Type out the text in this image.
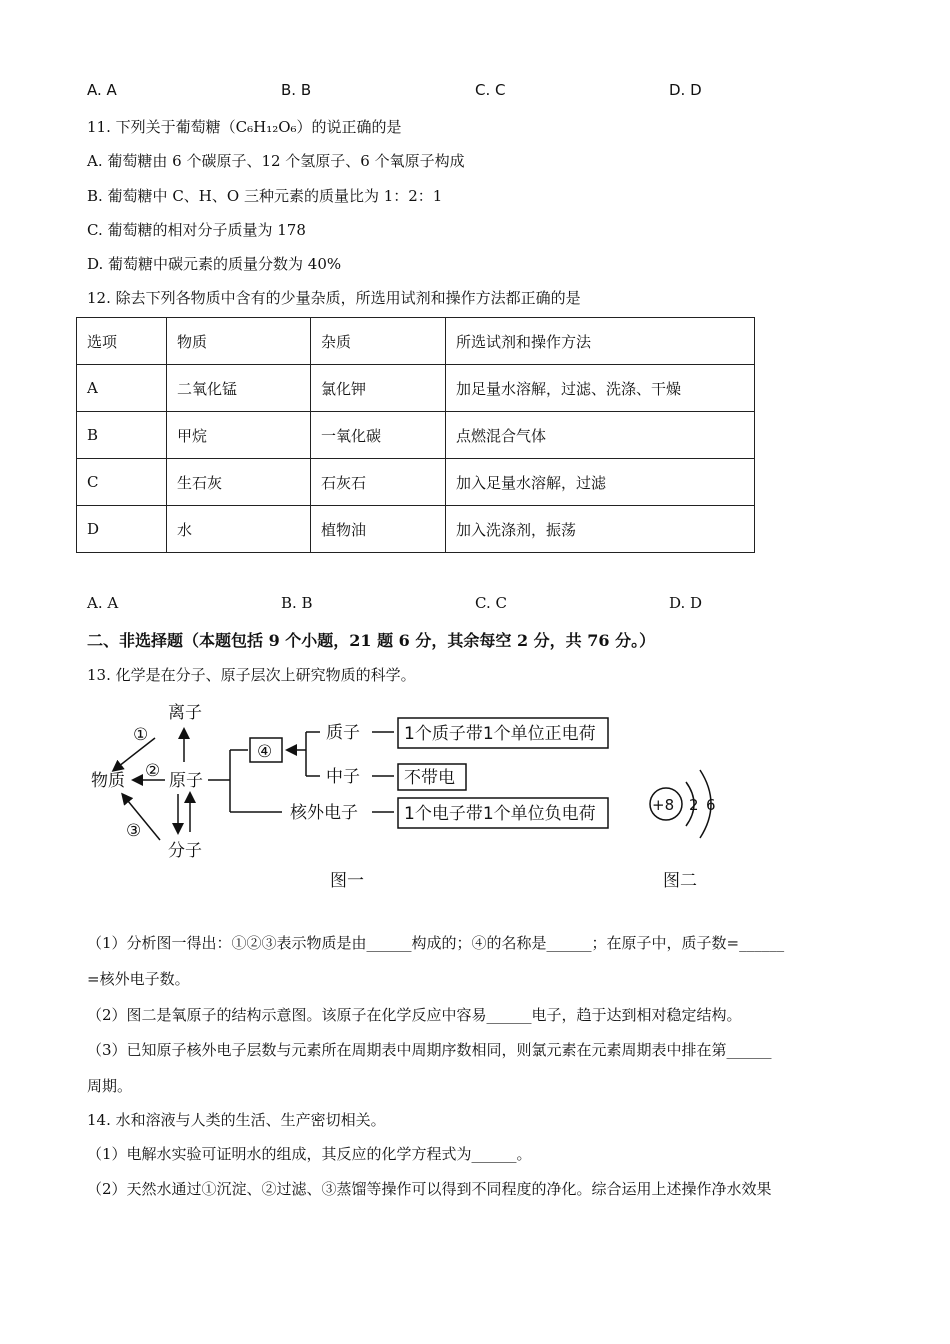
A. A	B. B	C. C	D. D
11. 下列关于葡萄糖（C₆H₁₂O₆）的说正确的是
A. 葡萄糖由 6 个碳原子、12 个氢原子、6 个氧原子构成
B. 葡萄糖中 C、H、O 三种元素的质量比为 1：2：1
C. 葡萄糖的相对分子质量为 178
D. 葡萄糖中碳元素的质量分数为 40%
12. 除去下列各物质中含有的少量杂质，所选用试剂和操作方法都正确的是
选项	物质	杂质	所选试剂和操作方法
A	二氧化锰	氯化钾	加足量水溶解，过滤、洗涤、干燥
B	甲烷	一氧化碳	点燃混合气体
C	生石灰	石灰石	加入足量水溶解，过滤
D	水	植物油	加入洗涤剂，振荡
A. A	B. B	C. C	D. D
二、非选择题（本题包括 9 个小题，21 题 6 分，其余每空 2 分，共 76 分。）
13. 化学是在分子、原子层次上研究物质的科学。
离子
物质	原子
分子
①
②
③
④
质子
中子
核外电子
1个质子带1个单位正电荷
不带电
1个电子带1个单位负电荷
图一
+8 2 6
图二
（1）分析图一得出：①②③表示物质是由______构成的；④的名称是______；在原子中，质子数=______
=核外电子数。
（2）图二是氧原子的结构示意图。该原子在化学反应中容易______电子，趋于达到相对稳定结构。
（3）已知原子核外电子层数与元素所在周期表中周期序数相同，则氯元素在元素周期表中排在第______
周期。
14. 水和溶液与人类的生活、生产密切相关。
（1）电解水实验可证明水的组成，其反应的化学方程式为______。
（2）天然水通过①沉淀、②过滤、③蒸馏等操作可以得到不同程度的净化。综合运用上述操作净水效果
